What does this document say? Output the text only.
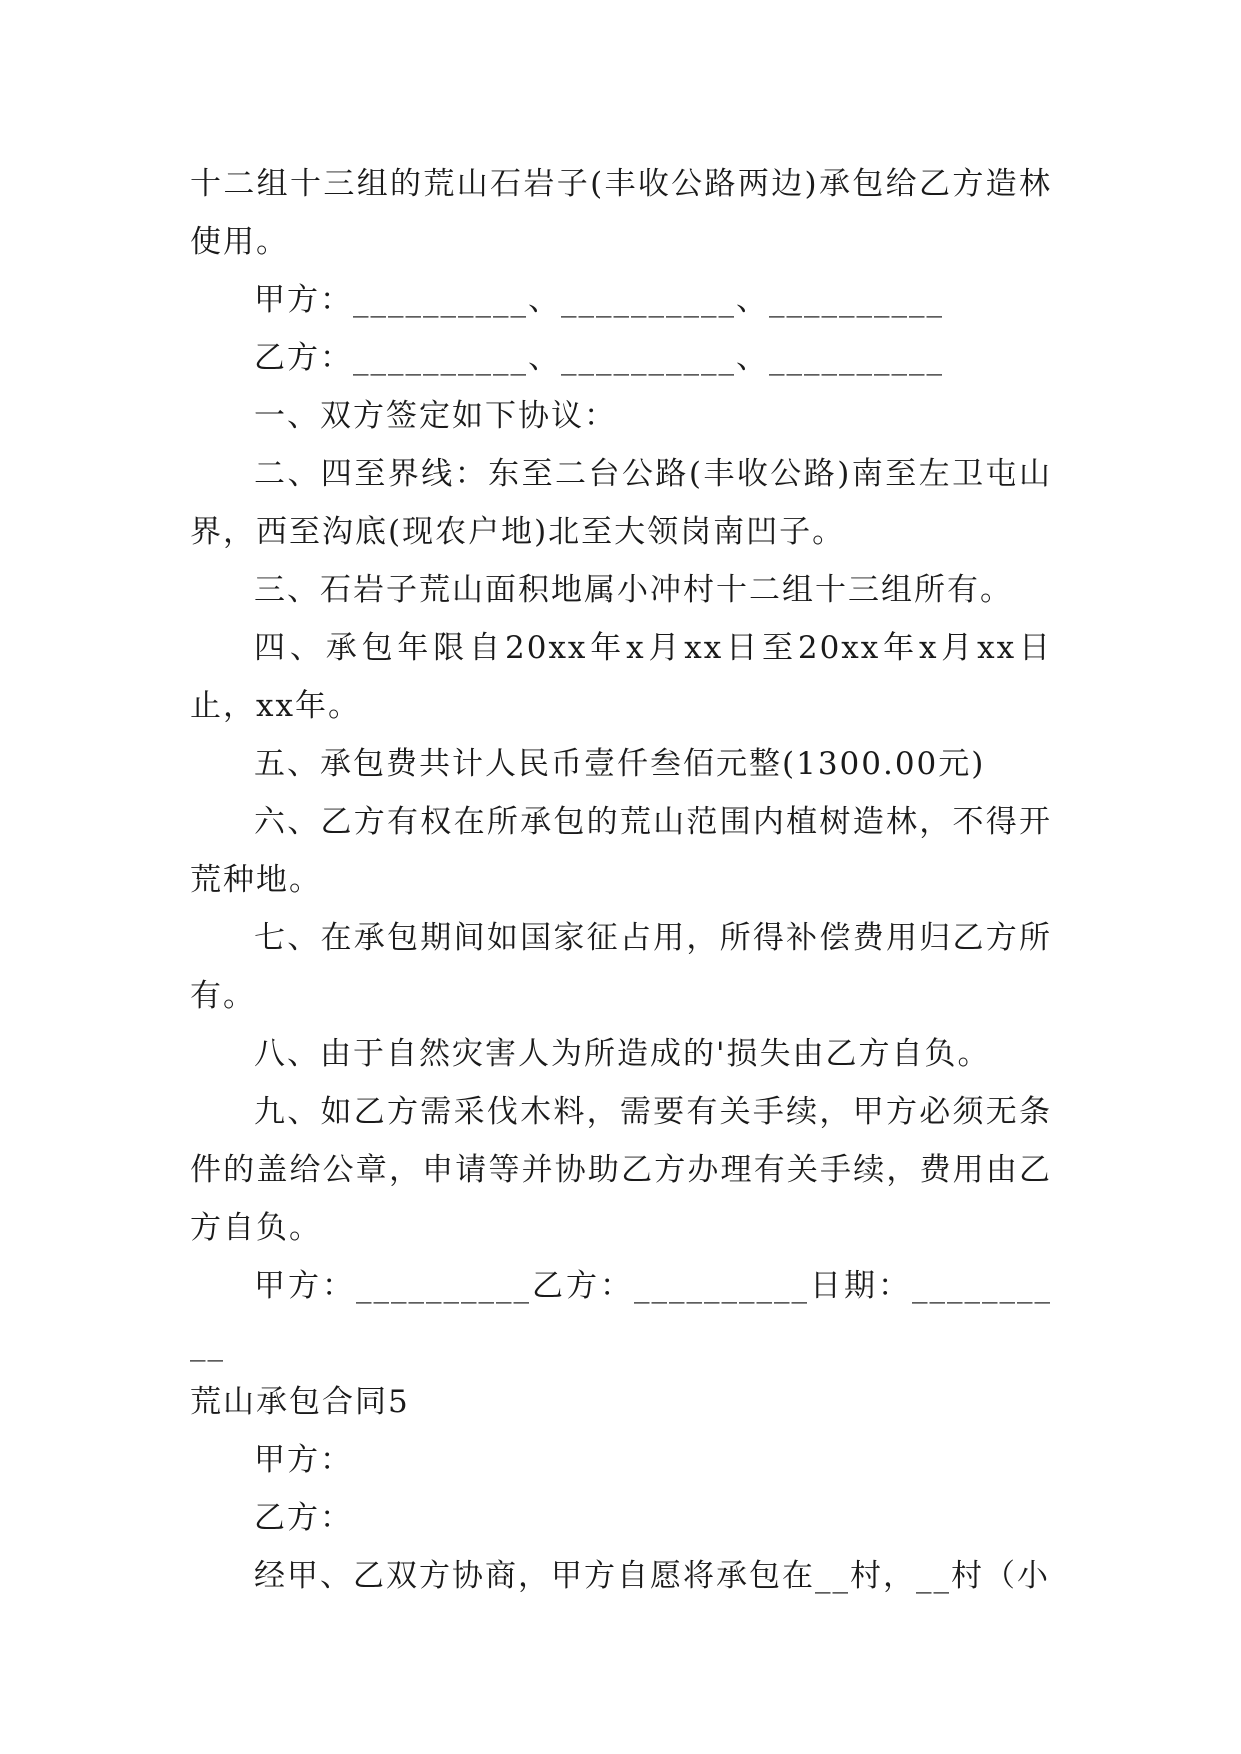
十二组十三组的荒山石岩子(丰收公路两边)承包给乙方造林使用。

甲方：__________、__________、__________

乙方：__________、__________、__________

一、双方签定如下协议：

二、四至界线：东至二台公路(丰收公路)南至左卫屯山界，西至沟底(现农户地)北至大领岗南凹子。

三、石岩子荒山面积地属小冲村十二组十三组所有。

四、承包年限自20xx年x月xx日至20xx年x月xx日止，xx年。

五、承包费共计人民币壹仟叁佰元整(1300.00元)

六、乙方有权在所承包的荒山范围内植树造林，不得开荒种地。

七、在承包期间如国家征占用，所得补偿费用归乙方所有。

八、由于自然灾害人为所造成的'损失由乙方自负。

九、如乙方需采伐木料，需要有关手续，甲方必须无条件的盖给公章，申请等并协助乙方办理有关手续，费用由乙方自负。

甲方：__________乙方：__________日期：__________

荒山承包合同5

甲方：

乙方：

经甲、乙双方协商，甲方自愿将承包在__村，__村（小
